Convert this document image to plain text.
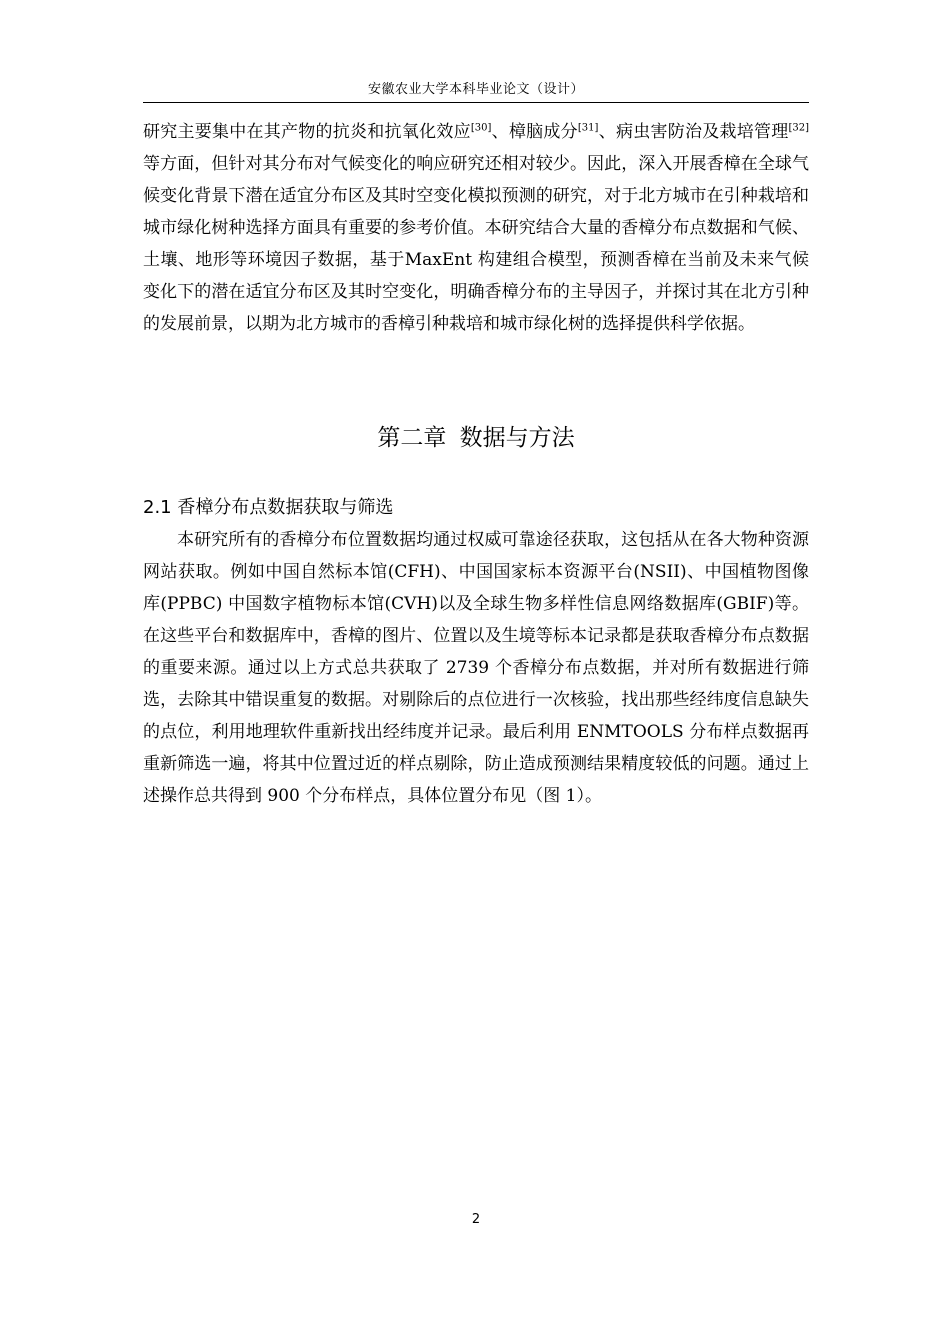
安徽农业大学本科毕业论文（设计）

研究主要集中在其产物的抗炎和抗氧化效应[30]、樟脑成分[31]、病虫害防治及栽培管理[32]等方面，但针对其分布对气候变化的响应研究还相对较少。因此，深入开展香樟在全球气候变化背景下潜在适宜分布区及其时空变化模拟预测的研究，对于北方城市在引种栽培和城市绿化树种选择方面具有重要的参考价值。本研究结合大量的香樟分布点数据和气候、土壤、地形等环境因子数据，基于MaxEnt 构建组合模型，预测香樟在当前及未来气候变化下的潜在适宜分布区及其时空变化，明确香樟分布的主导因子，并探讨其在北方引种的发展前景，以期为北方城市的香樟引种栽培和城市绿化树的选择提供科学依据。

第二章 数据与方法
2.1 香樟分布点数据获取与筛选

本研究所有的香樟分布位置数据均通过权威可靠途径获取，这包括从在各大物种资源网站获取。例如中国自然标本馆(CFH)、中国国家标本资源平台(NSII)、中国植物图像库(PPBC) 中国数字植物标本馆(CVH)以及全球生物多样性信息网络数据库(GBIF)等。在这些平台和数据库中，香樟的图片、位置以及生境等标本记录都是获取香樟分布点数据的重要来源。通过以上方式总共获取了 2739 个香樟分布点数据，并对所有数据进行筛选，去除其中错误重复的数据。对剔除后的点位进行一次核验，找出那些经纬度信息缺失的点位，利用地理软件重新找出经纬度并记录。最后利用 ENMTOOLS 分布样点数据再重新筛选一遍，将其中位置过近的样点剔除，防止造成预测结果精度较低的问题。通过上述操作总共得到 900 个分布样点，具体位置分布见（图 1）。

2
